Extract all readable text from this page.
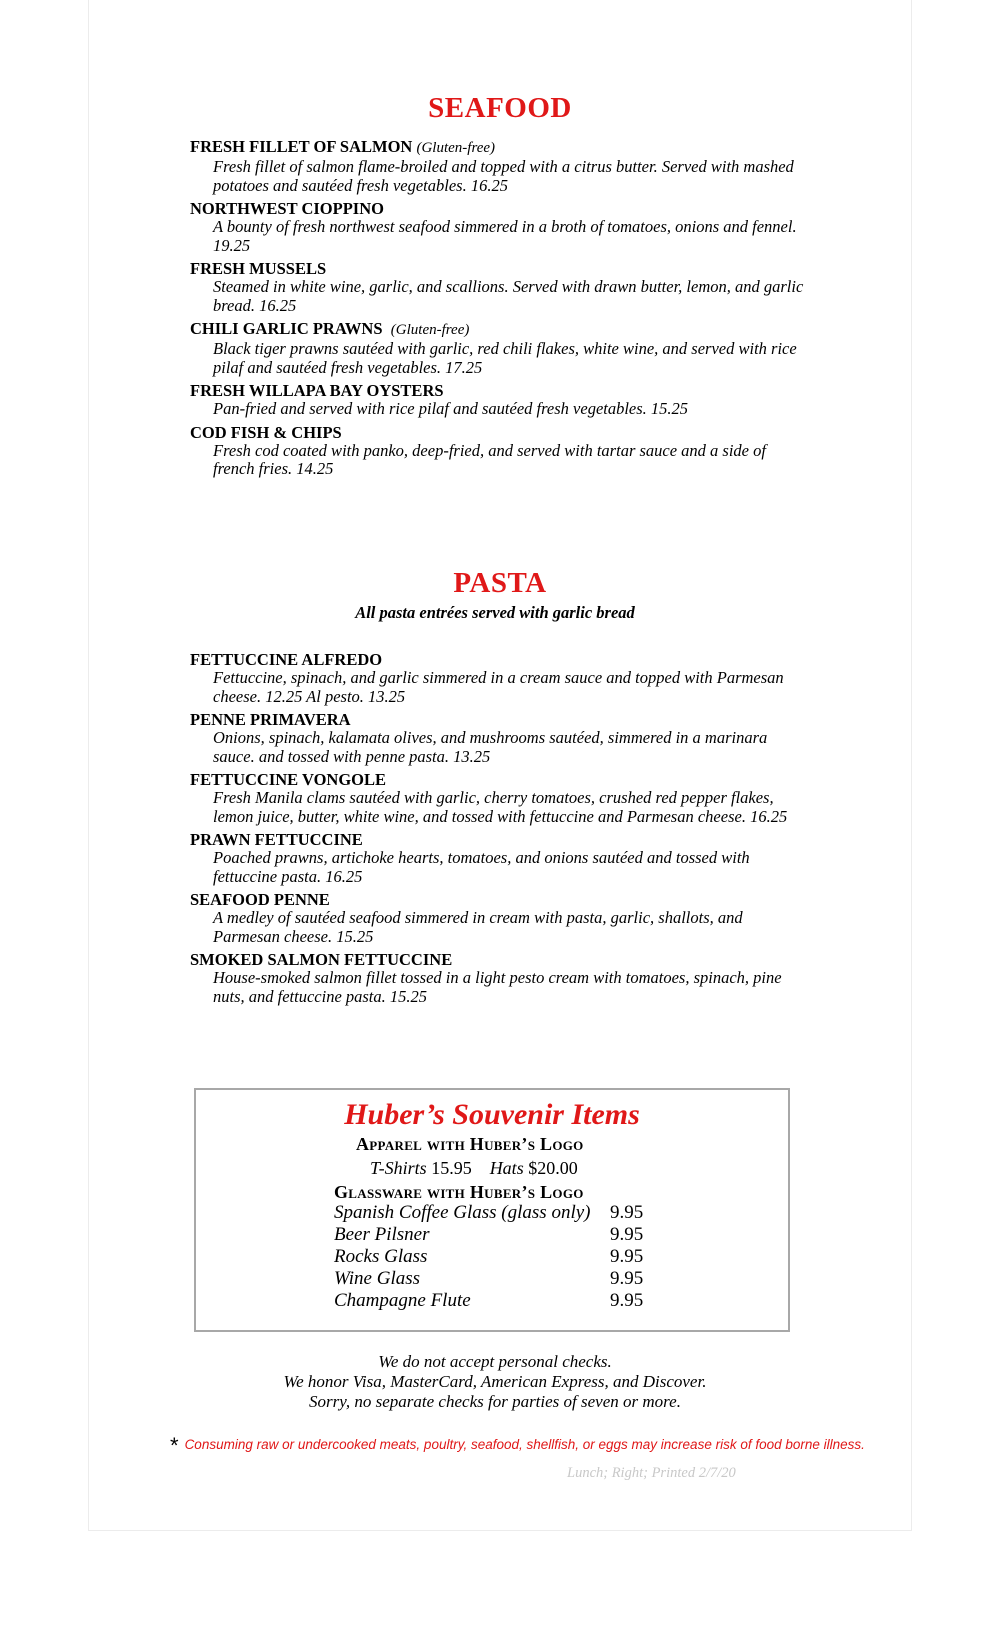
SEAFOOD
FRESH FILLET OF SALMON (Gluten-free)
Fresh fillet of salmon flame-broiled and topped with a citrus butter. Served with mashed potatoes and sautéed fresh vegetables. 16.25
NORTHWEST CIOPPINO
A bounty of fresh northwest seafood simmered in a broth of tomatoes, onions and fennel. 19.25
FRESH MUSSELS
Steamed in white wine, garlic, and scallions. Served with drawn butter, lemon, and garlic bread. 16.25
CHILI GARLIC PRAWNS (Gluten-free)
Black tiger prawns sautéed with garlic, red chili flakes, white wine, and served with rice pilaf and sautéed fresh vegetables. 17.25
FRESH WILLAPA BAY OYSTERS
Pan-fried and served with rice pilaf and sautéed fresh vegetables. 15.25
COD FISH & CHIPS
Fresh cod coated with panko, deep-fried, and served with tartar sauce and a side of french fries. 14.25
PASTA
All pasta entrées served with garlic bread
FETTUCCINE ALFREDO
Fettuccine, spinach, and garlic simmered in a cream sauce and topped with Parmesan cheese. 12.25 Al pesto. 13.25
PENNE PRIMAVERA
Onions, spinach, kalamata olives, and mushrooms sautéed, simmered in a marinara sauce. and tossed with penne pasta. 13.25
FETTUCCINE VONGOLE
Fresh Manila clams sautéed with garlic, cherry tomatoes, crushed red pepper flakes, lemon juice, butter, white wine, and tossed with fettuccine and Parmesan cheese. 16.25
PRAWN FETTUCCINE
Poached prawns, artichoke hearts, tomatoes, and onions sautéed and tossed with fettuccine pasta. 16.25
SEAFOOD PENNE
A medley of sautéed seafood simmered in cream with pasta, garlic, shallots, and Parmesan cheese. 15.25
SMOKED SALMON FETTUCCINE
House-smoked salmon fillet tossed in a light pesto cream with tomatoes, spinach, pine nuts, and fettuccine pasta. 15.25
Huber’s Souvenir Items
Apparel with Huber’s Logo
T-Shirts 15.95 Hats $20.00
Glassware with Huber’s Logo
Spanish Coffee Glass (glass only) 9.95
Beer Pilsner	9.95
Rocks Glass	9.95
Wine Glass	9.95
Champagne Flute	9.95
We do not accept personal checks.
We honor Visa, MasterCard, American Express, and Discover.
Sorry, no separate checks for parties of seven or more.
* Consuming raw or undercooked meats, poultry, seafood, shellfish, or eggs may increase risk of food borne illness.
Lunch; Right; Printed 2/7/20
